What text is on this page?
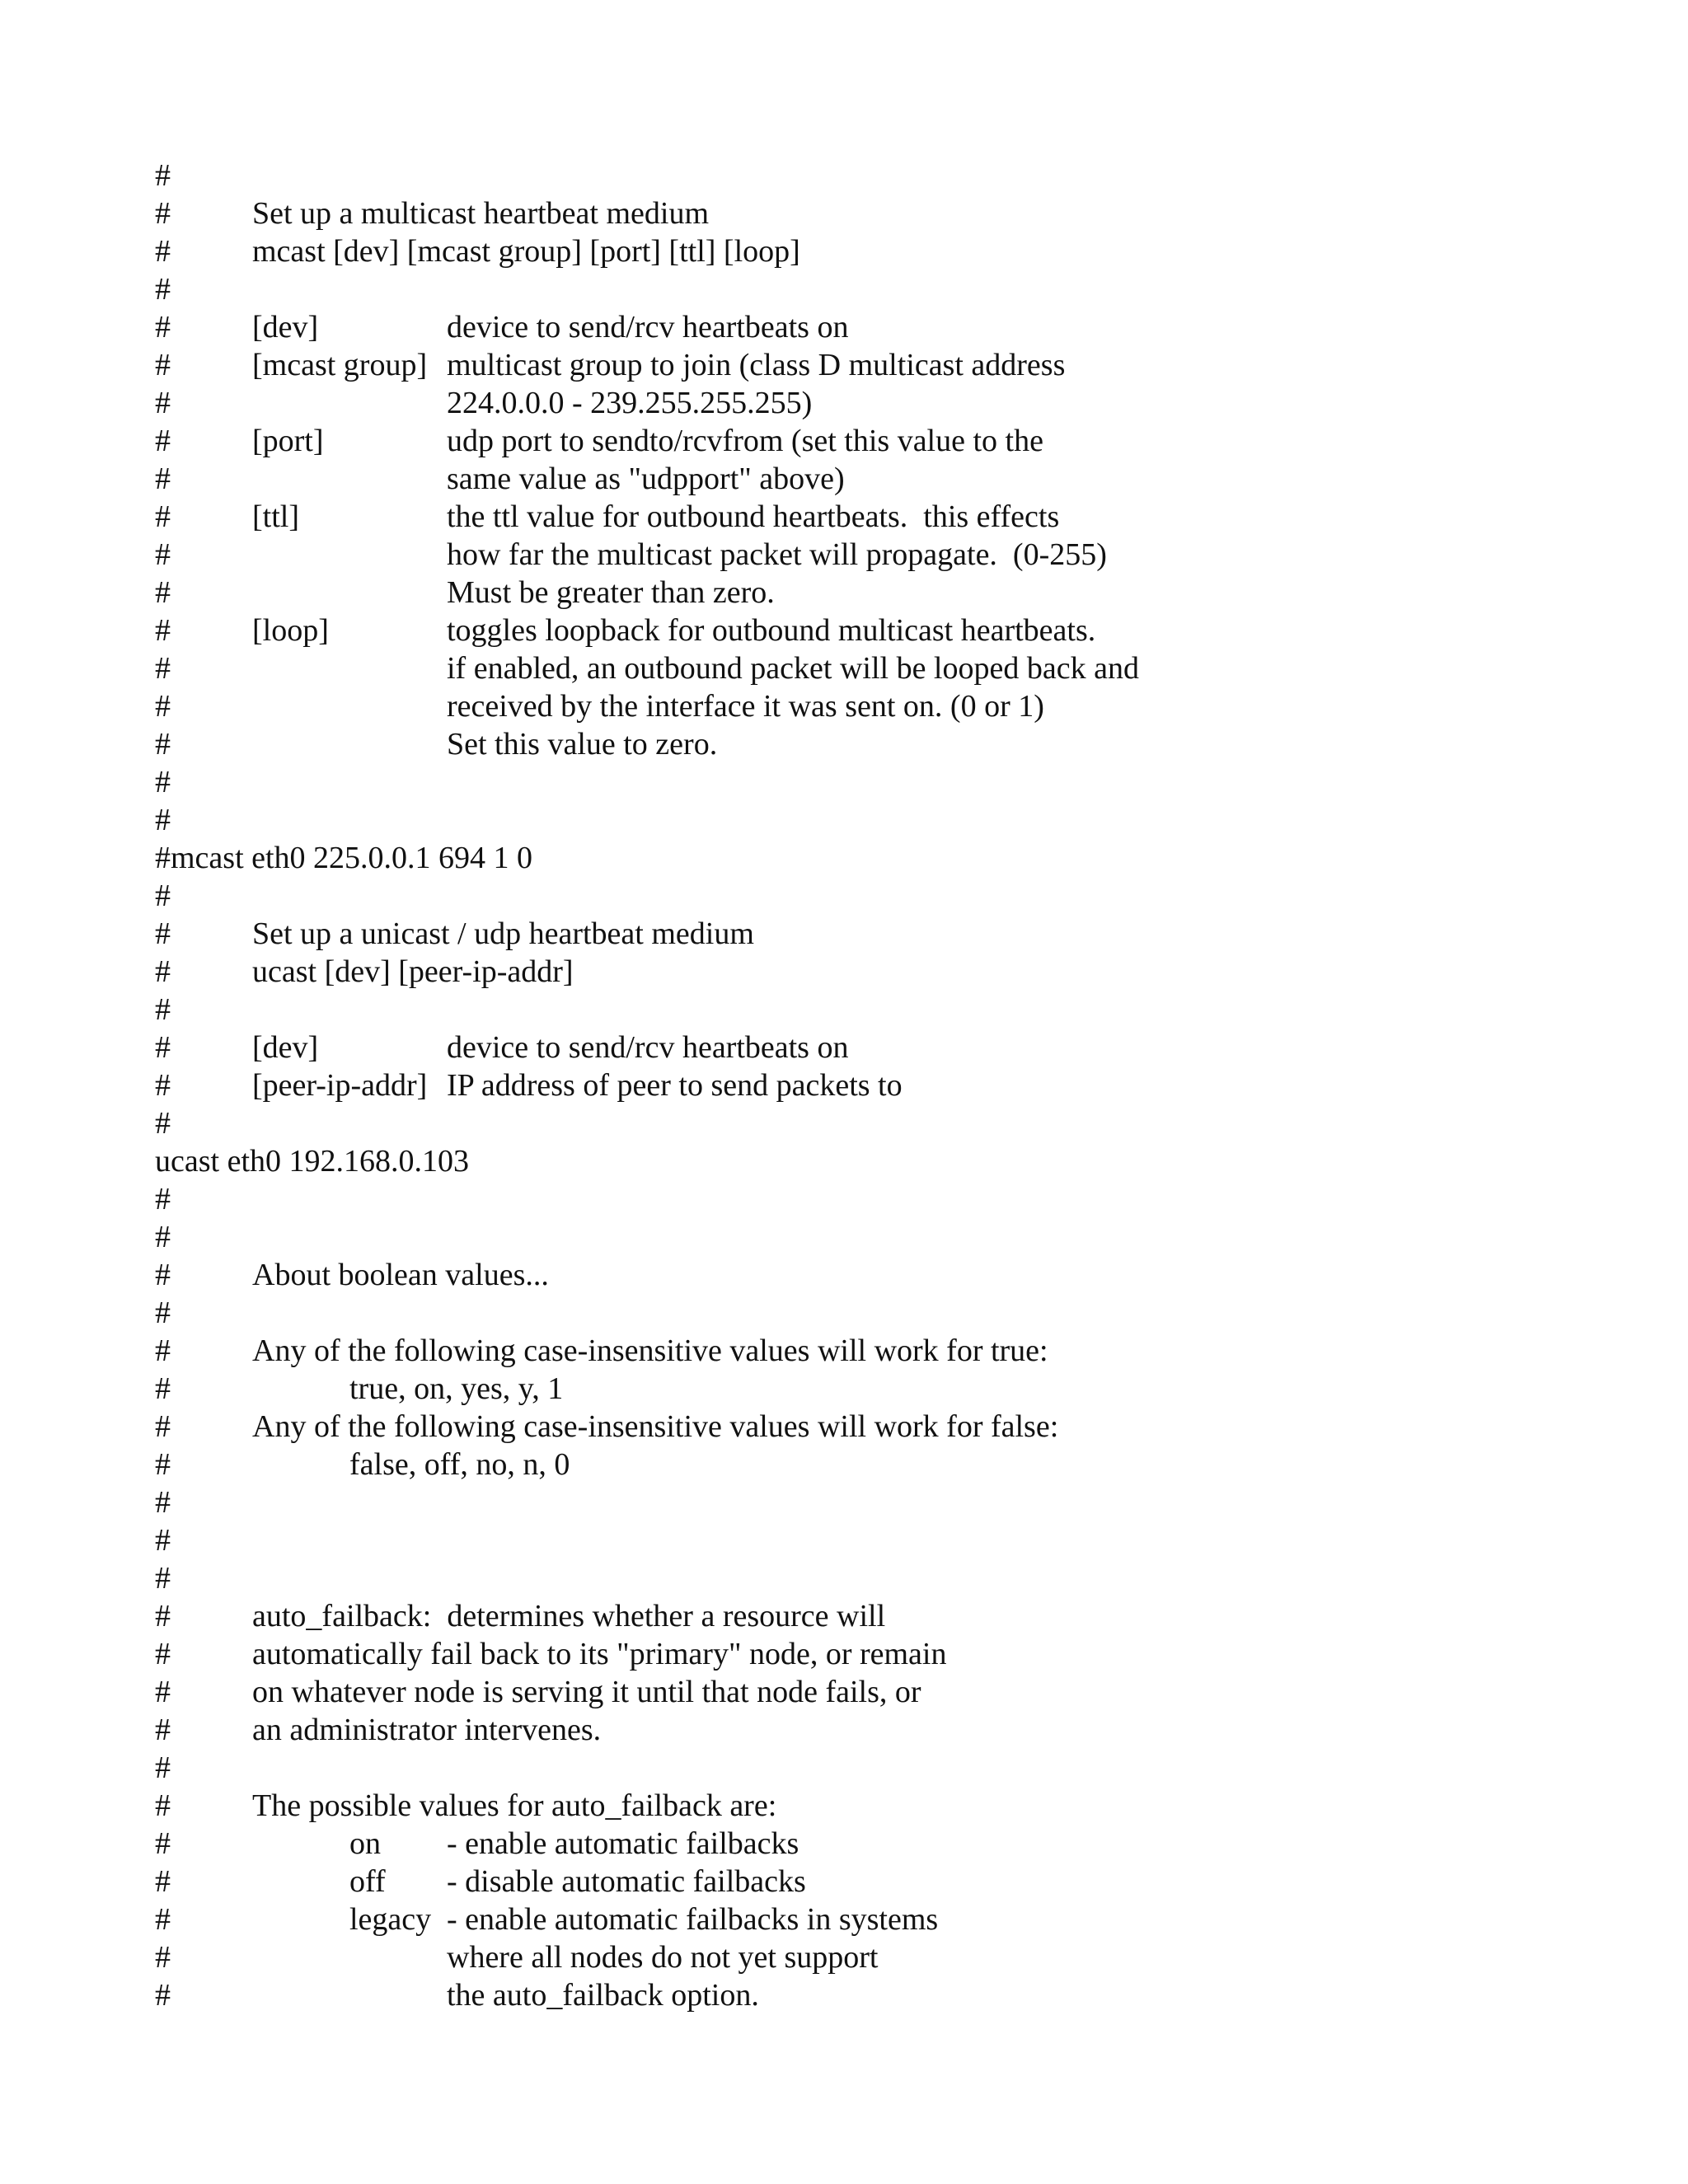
#
#	Set up a multicast heartbeat medium
#	mcast [dev] [mcast group] [port] [ttl] [loop]
#
#	[dev]	device to send/rcv heartbeats on
#	[mcast group] multicast group to join (class D multicast address
#	224.0.0.0 - 239.255.255.255)
#	[port]	udp port to sendto/rcvfrom (set this value to the
#	same value as "udpport" above)
#	[ttl]	the ttl value for outbound heartbeats.  this effects
#	how far the multicast packet will propagate.  (0-255)
#	Must be greater than zero.
#	[loop]	toggles loopback for outbound multicast heartbeats.
#	if enabled, an outbound packet will be looped back and
#	received by the interface it was sent on. (0 or 1)
#	Set this value to zero.
#
#
#mcast eth0 225.0.0.1 694 1 0
#
#	Set up a unicast / udp heartbeat medium
#	ucast [dev] [peer-ip-addr]
#
#	[dev]	device to send/rcv heartbeats on
#	[peer-ip-addr] IP address of peer to send packets to
#
ucast eth0 192.168.0.103
#
#
#	About boolean values...
#
#	Any of the following case-insensitive values will work for true:
#	true, on, yes, y, 1
#	Any of the following case-insensitive values will work for false:
#	false, off, no, n, 0
#
#
#
#	auto_failback:  determines whether a resource will
#	automatically fail back to its "primary" node, or remain
#	on whatever node is serving it until that node fails, or
#	an administrator intervenes.
#
#	The possible values for auto_failback are:
#	on - enable automatic failbacks
#	off - disable automatic failbacks
#	legacy - enable automatic failbacks in systems
#	where all nodes do not yet support
#	the auto_failback option.
